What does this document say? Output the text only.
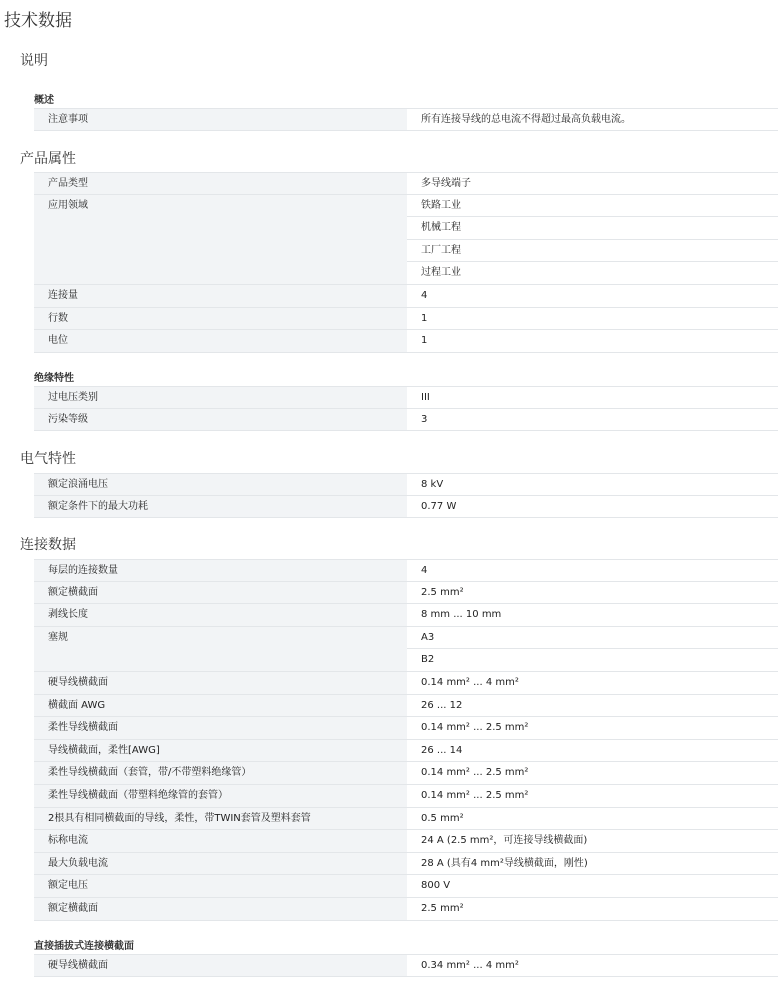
技术数据
说明
概述
注意事项	所有连接导线的总电流不得超过最高负载电流。
产品属性
产品类型	多导线端子
应用领域	铁路工业
机械工程
工厂工程
过程工业
连接量	4
行数	1
电位	1
绝缘特性
过电压类别	III
污染等级	3
电气特性
额定浪涌电压	8 kV
额定条件下的最大功耗	0.77 W
连接数据
每层的连接数量	4
额定横截面	2.5 mm²
剥线长度	8 mm ... 10 mm
塞规	A3
B2
硬导线横截面	0.14 mm² ... 4 mm²
横截面 AWG	26 ... 12
柔性导线横截面	0.14 mm² ... 2.5 mm²
导线横截面，柔性[AWG]	26 ... 14
柔性导线横截面（套管，带/不带塑料绝缘管）	0.14 mm² ... 2.5 mm²
柔性导线横截面（带塑料绝缘管的套管）	0.14 mm² ... 2.5 mm²
2根具有相同横截面的导线，柔性，带TWIN套管及塑料套管	0.5 mm²
标称电流	24 A (2.5 mm²，可连接导线横截面)
最大负载电流	28 A (具有4 mm²导线横截面，刚性)
额定电压	800 V
额定横截面	2.5 mm²
直接插拔式连接横截面
硬导线横截面	0.34 mm² ... 4 mm²
